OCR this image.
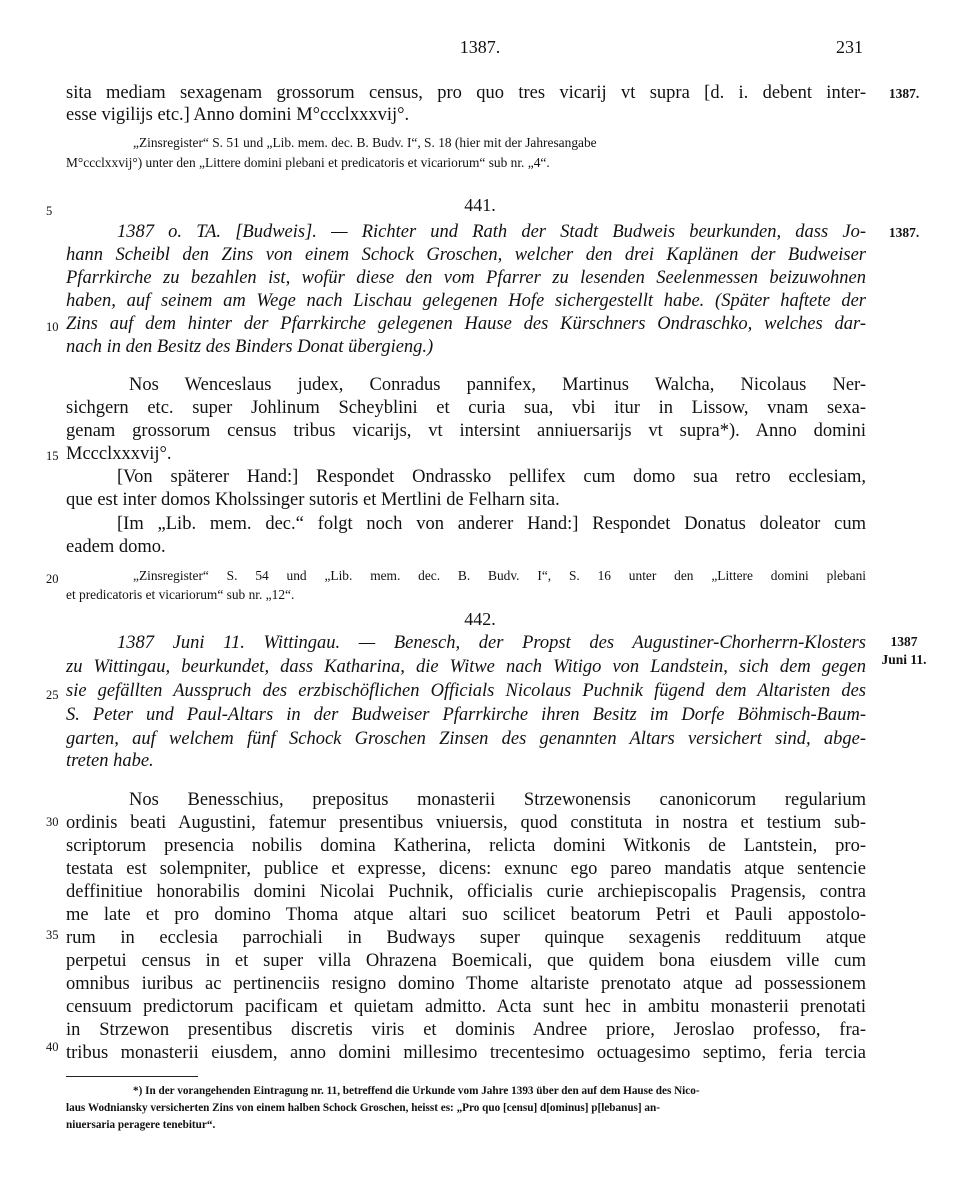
1387.	231
1387.
1387.
1387
Juni 11.
5
10
15
20
25
30
35
40
sita mediam sexagenam grossorum census, pro quo tres vicarij vt supra [d. i. debent inter-
esse vigilijs etc.] Anno domini M°ccclxxxvij°.
„Zinsregister“ S. 51 und „Lib. mem. dec. B. Budv. I“, S. 18 (hier mit der Jahresangabe
M°ccclxxvij°) unter den „Littere domini plebani et predicatoris et vicariorum“ sub nr. „4“.
441.
1387 o. TA. [Budweis]. — Richter und Rath der Stadt Budweis beurkunden, dass Jo-
hann Scheibl den Zins von einem Schock Groschen, welcher den drei Kaplänen der Budweiser
Pfarrkirche zu bezahlen ist, wofür diese den vom Pfarrer zu lesenden Seelenmessen beizuwohnen
haben, auf seinem am Wege nach Lischau gelegenen Hofe sichergestellt habe. (Später haftete der
Zins auf dem hinter der Pfarrkirche gelegenen Hause des Kürschners Ondraschko, welches dar-
nach in den Besitz des Binders Donat übergieng.)
Nos Wenceslaus judex, Conradus pannifex, Martinus Walcha, Nicolaus Ner-
sichgern etc. super Johlinum Scheyblini et curia sua, vbi itur in Lissow, vnam sexa-
genam grossorum census tribus vicarijs, vt intersint anniuersarijs vt supra*). Anno domini
Mccclxxxvij°.
[Von späterer Hand:] Respondet Ondrassko pellifex cum domo sua retro ecclesiam,
que est inter domos Kholssinger sutoris et Mertlini de Felharn sita.
[Im „Lib. mem. dec.“ folgt noch von anderer Hand:] Respondet Donatus doleator cum
eadem domo.
„Zinsregister“ S. 54 und „Lib. mem. dec. B. Budv. I“, S. 16 unter den „Littere domini plebani
et predicatoris et vicariorum“ sub nr. „12“.
442.
1387 Juni 11. Wittingau. — Benesch, der Propst des Augustiner-Chorherrn-Klosters
zu Wittingau, beurkundet, dass Katharina, die Witwe nach Witigo von Landstein, sich dem gegen
sie gefällten Ausspruch des erzbischöflichen Officials Nicolaus Puchnik fügend dem Altaristen des
S. Peter und Paul-Altars in der Budweiser Pfarrkirche ihren Besitz im Dorfe Böhmisch-Baum-
garten, auf welchem fünf Schock Groschen Zinsen des genannten Altars versichert sind, abge-
treten habe.
Nos Benesschius, prepositus monasterii Strzewonensis canonicorum regularium
ordinis beati Augustini, fatemur presentibus vniuersis, quod constituta in nostra et testium sub-
scriptorum presencia nobilis domina Katherina, relicta domini Witkonis de Lantstein, pro-
testata est solempniter, publice et expresse, dicens: exnunc ego pareo mandatis atque sentencie
deffinitiue honorabilis domini Nicolai Puchnik, officialis curie archiepiscopalis Pragensis, contra
me late et pro domino Thoma atque altari suo scilicet beatorum Petri et Pauli appostolo-
rum in ecclesia parrochiali in Budways super quinque sexagenis reddituum atque
perpetui census in et super villa Ohrazena Boemicali, que quidem bona eiusdem ville cum
omnibus iuribus ac pertinenciis resigno domino Thome altariste prenotato atque ad possessionem
censuum predictorum pacificam et quietam admitto. Acta sunt hec in ambitu monasterii prenotati
in Strzewon presentibus discretis viris et dominis Andree priore, Jeroslao professo, fra-
tribus monasterii eiusdem, anno domini millesimo trecentesimo octuagesimo septimo, feria tercia
*) In der vorangehenden Eintragung nr. 11, betreffend die Urkunde vom Jahre 1393 über den auf dem Hause des Nico-
laus Wodniansky versicherten Zins von einem halben Schock Groschen, heisst es: „Pro quo [censu] d[ominus] p[lebanus] an-
niuersaria peragere tenebitur“.
